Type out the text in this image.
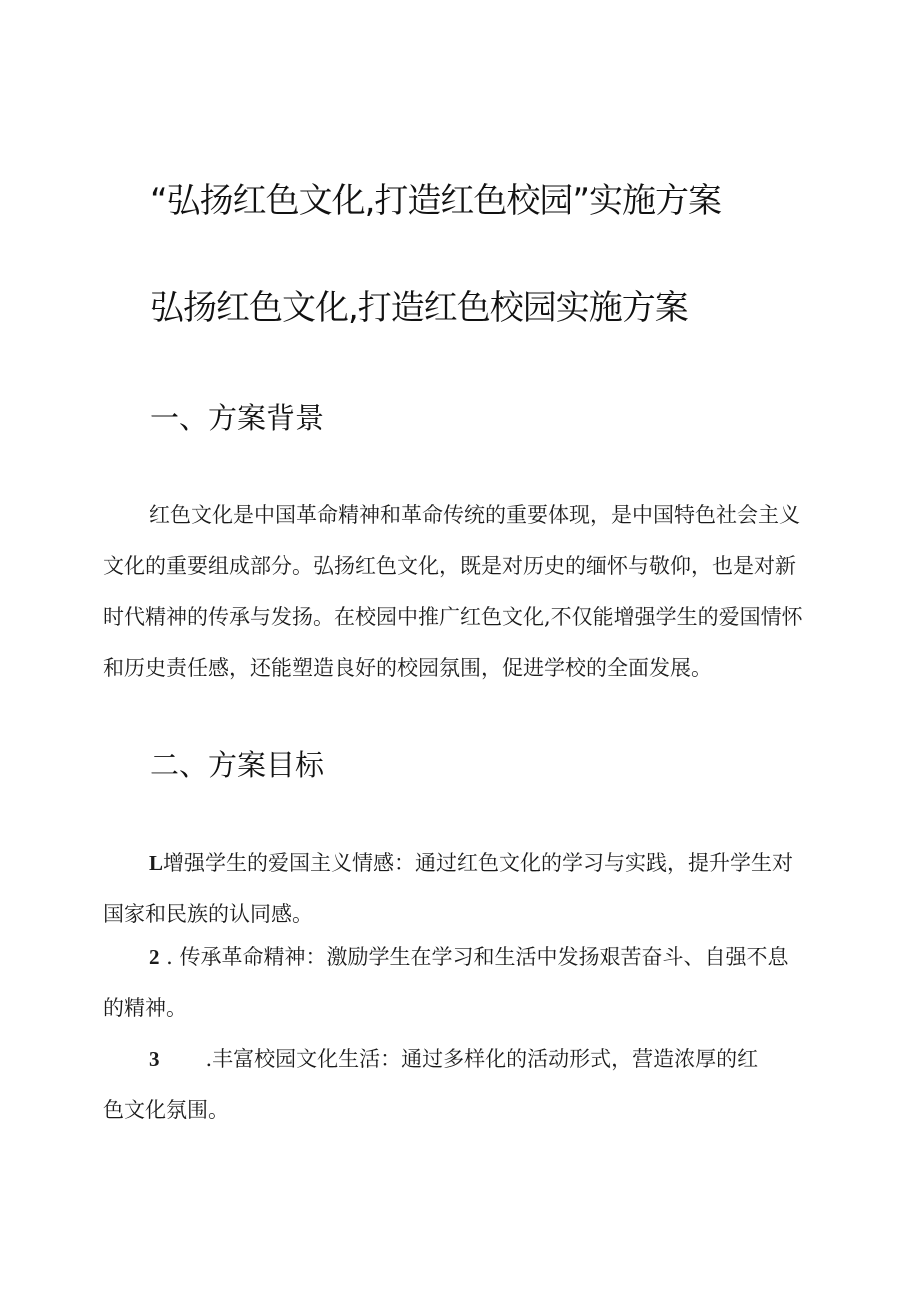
“弘扬红色文化,打造红色校园”实施方案
弘扬红色文化,打造红色校园实施方案
一、方案背景
红色文化是中国革命精神和革命传统的重要体现，是中国特色社会主义
文化的重要组成部分。弘扬红色文化，既是对历史的缅怀与敬仰，也是对新
时代精神的传承与发扬。在校园中推广红色文化,不仅能增强学生的爱国情怀
和历史责任感，还能塑造良好的校园氛围，促进学校的全面发展。
二、方案目标
L增强学生的爱国主义情感：通过红色文化的学习与实践，提升学生对
国家和民族的认同感。
2 . 传承革命精神：激励学生在学习和生活中发扬艰苦奋斗、自强不息
的精神。
3 .丰富校园文化生活：通过多样化的活动形式，营造浓厚的红
色文化氛围。
